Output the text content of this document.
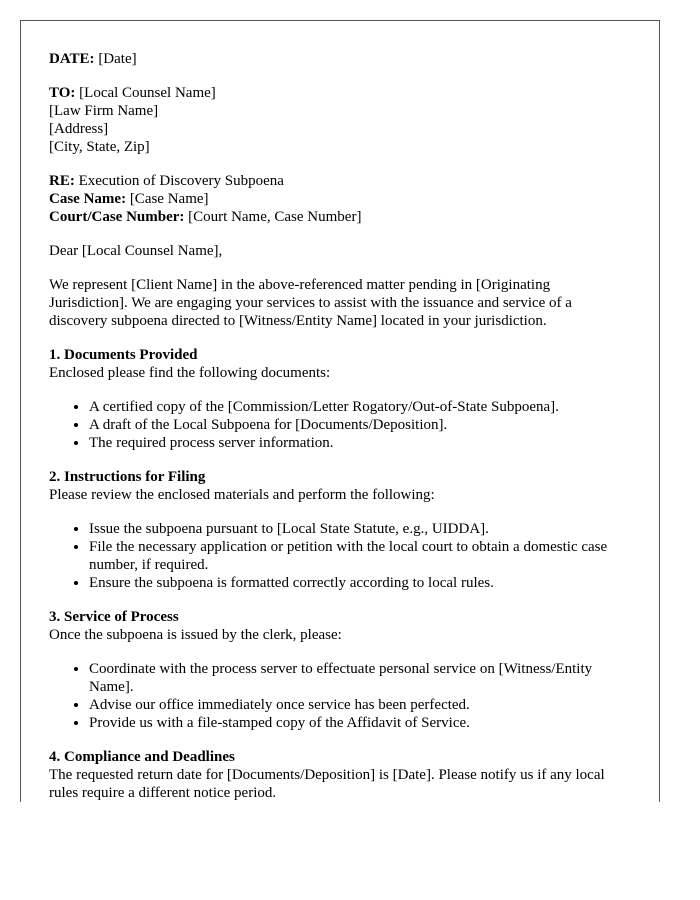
DATE: [Date]
TO: [Local Counsel Name]
[Law Firm Name]
[Address]
[City, State, Zip]
RE: Execution of Discovery Subpoena
Case Name: [Case Name]
Court/Case Number: [Court Name, Case Number]

Dear [Local Counsel Name],

We represent [Client Name] in the above-referenced matter pending in [Originating Jurisdiction]. We are engaging your services to assist with the issuance and service of a discovery subpoena directed to [Witness/Entity Name] located in your jurisdiction.

1. Documents Provided
Enclosed please find the following documents:
• A certified copy of the [Commission/Letter Rogatory/Out-of-State Subpoena].
• A draft of the Local Subpoena for [Documents/Deposition].
• The required process server information.
2. Instructions for Filing
Please review the enclosed materials and perform the following:
• Issue the subpoena pursuant to [Local State Statute, e.g., UIDDA].
• File the necessary application or petition with the local court to obtain a domestic case number, if required.
• Ensure the subpoena is formatted correctly according to local rules.
3. Service of Process
Once the subpoena is issued by the clerk, please:
• Coordinate with the process server to effectuate personal service on [Witness/Entity Name].
• Advise our office immediately once service has been perfected.
• Provide us with a file-stamped copy of the Affidavit of Service.
4. Compliance and Deadlines
The requested return date for [Documents/Deposition] is [Date]. Please notify us if any local rules require a different notice period.
